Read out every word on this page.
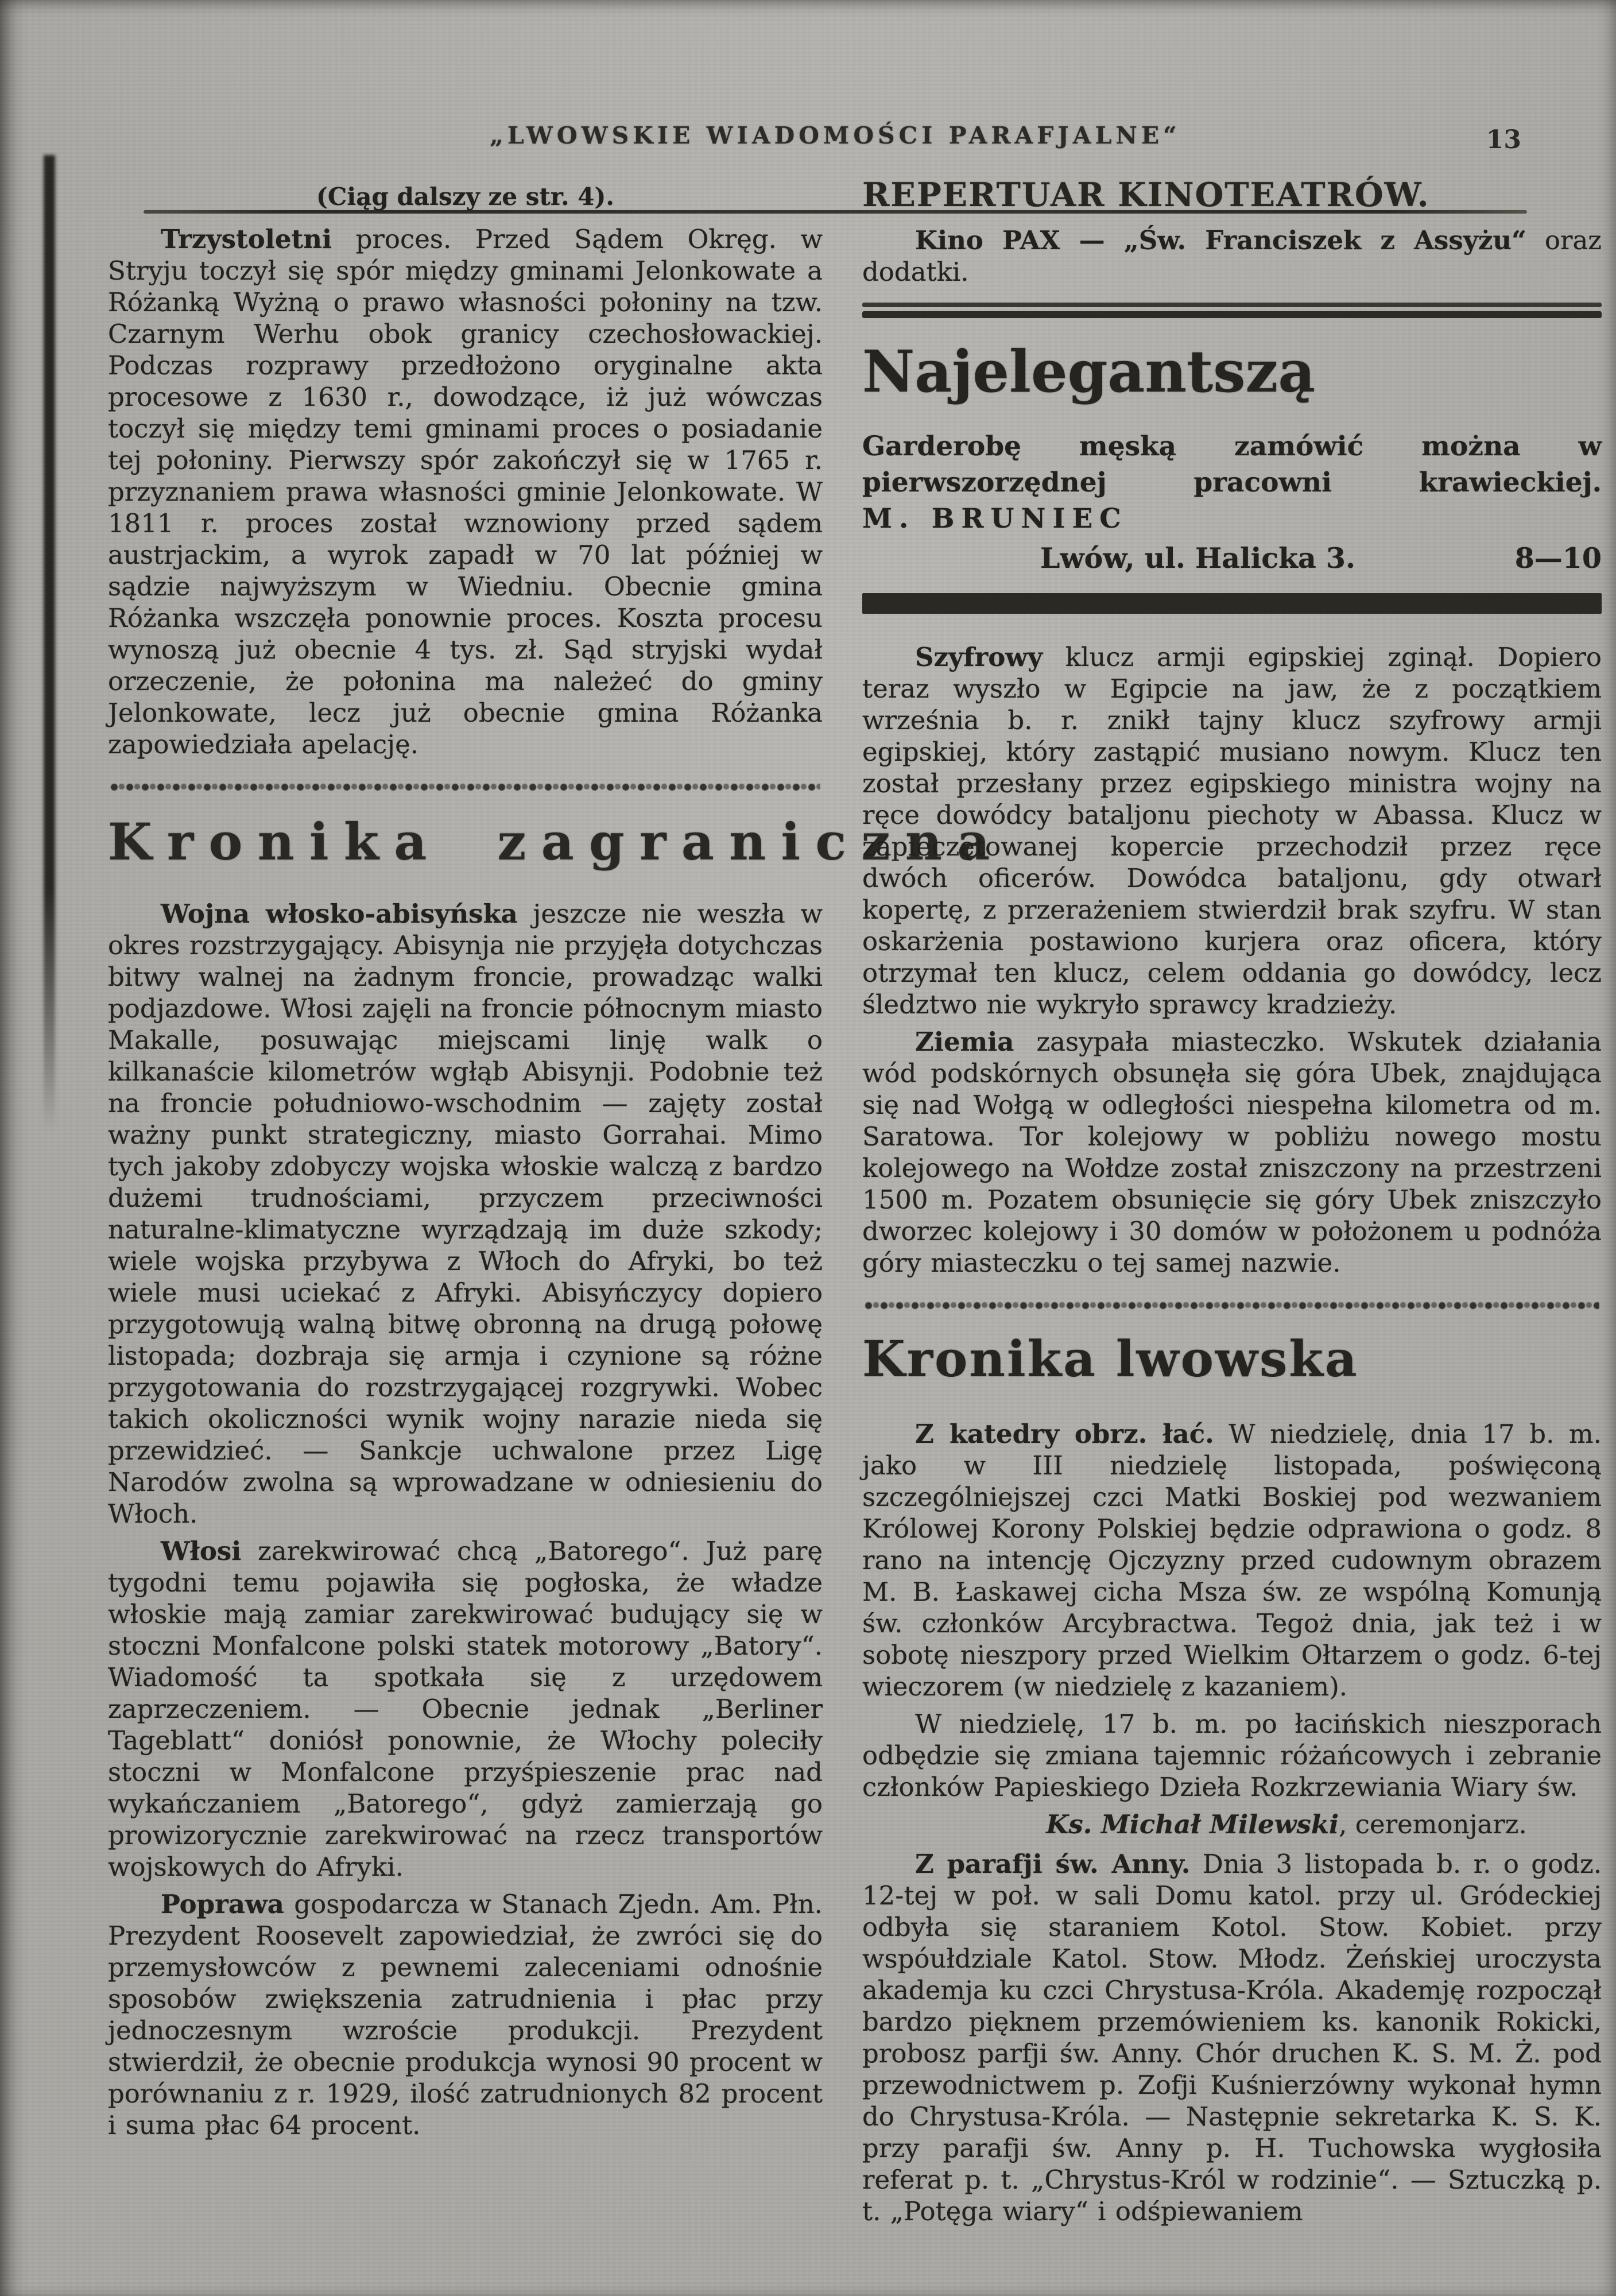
„LWOWSKIE WIADOMOŚCI PARAFJALNE“	13

(Ciąg dalszy ze str. 4).

Trzystoletni proces. Przed Sądem Okręg. w Stryju toczył się spór między gminami Jelonkowate a Różanką Wyżną o prawo własności połoniny na tzw. Czarnym Werhu obok granicy czechosłowackiej. Podczas rozprawy przedłożono oryginalne akta procesowe z 1630 r., dowodzące, iż już wówczas toczył się między temi gminami proces o posiadanie tej połoniny. Pierwszy spór zakończył się w 1765 r. przyznaniem prawa własności gminie Jelonkowate. W 1811 r. proces został wznowiony przed sądem austrjackim, a wyrok zapadł w 70 lat później w sądzie najwyższym w Wiedniu. Obecnie gmina Różanka wszczęła ponownie proces. Koszta procesu wynoszą już obecnie 4 tys. zł. Sąd stryjski wydał orzeczenie, że połonina ma należeć do gminy Jelonkowate, lecz już obecnie gmina Różanka zapowiedziała apelację.

Kronika zagraniczna

Wojna włosko-abisyńska jeszcze nie weszła w okres rozstrzygający. Abisynja nie przyjęła dotychczas bitwy walnej na żadnym froncie, prowadząc walki podjazdowe. Włosi zajęli na froncie północnym miasto Makalle, posuwając miejscami linję walk o kilkanaście kilometrów wgłąb Abisynji. Podobnie też na froncie południowo-wschodnim — zajęty został ważny punkt strategiczny, miasto Gorrahai. Mimo tych jakoby zdobyczy wojska włoskie walczą z bardzo dużemi trudnościami, przyczem przeciwności naturalne-klimatyczne wyrządzają im duże szkody; wiele wojska przybywa z Włoch do Afryki, bo też wiele musi uciekać z Afryki. Abisyńczycy dopiero przygotowują walną bitwę obronną na drugą połowę listopada; dozbraja się armja i czynione są różne przygotowania do rozstrzygającej rozgrywki. Wobec takich okoliczności wynik wojny narazie nieda się przewidzieć. — Sankcje uchwalone przez Ligę Narodów zwolna są wprowadzane w odniesieniu do Włoch.

Włosi zarekwirować chcą „Batorego“. Już parę tygodni temu pojawiła się pogłoska, że władze włoskie mają zamiar zarekwirować budujący się w stoczni Monfalcone polski statek motorowy „Batory“. Wiadomość ta spotkała się z urzędowem zaprzeczeniem. — Obecnie jednak „Berliner Tageblatt“ doniósł ponownie, że Włochy poleciły stoczni w Monfalcone przyśpieszenie prac nad wykańczaniem „Batorego“, gdyż zamierzają go prowizorycznie zarekwirować na rzecz transportów wojskowych do Afryki.

Poprawa gospodarcza w Stanach Zjedn. Am. Płn. Prezydent Roosevelt zapowiedział, że zwróci się do przemysłowców z pewnemi zaleceniami odnośnie sposobów zwiększenia zatrudnienia i płac przy jednoczesnym wzroście produkcji. Prezydent stwierdził, że obecnie produkcja wynosi 90 procent w porównaniu z r. 1929, ilość zatrudnionych 82 procent i suma płac 64 procent.

REPERTUAR KINOTEATRÓW.

Kino PAX — „Św. Franciszek z Assyżu“ oraz dodatki.

Najelegantszą

Garderobę męską zamówić można w pierwszorzędnej pracowni krawieckiej. M. BRUNIEC

Lwów, ul. Halicka 3.	8—10

Szyfrowy klucz armji egipskiej zginął. Dopiero teraz wyszło w Egipcie na jaw, że z początkiem września b. r. znikł tajny klucz szyfrowy armji egipskiej, który zastąpić musiano nowym. Klucz ten został przesłany przez egipskiego ministra wojny na ręce dowódcy bataljonu piechoty w Abassa. Klucz w zapieczętowanej kopercie przechodził przez ręce dwóch oficerów. Dowódca bataljonu, gdy otwarł kopertę, z przerażeniem stwierdził brak szyfru. W stan oskarżenia postawiono kurjera oraz oficera, który otrzymał ten klucz, celem oddania go dowódcy, lecz śledztwo nie wykryło sprawcy kradzieży.

Ziemia zasypała miasteczko. Wskutek działania wód podskórnych obsunęła się góra Ubek, znajdująca się nad Wołgą w odległości niespełna kilometra od m. Saratowa. Tor kolejowy w pobliżu nowego mostu kolejowego na Wołdze został zniszczony na przestrzeni 1500 m. Pozatem obsunięcie się góry Ubek zniszczyło dworzec kolejowy i 30 domów w położonem u podnóża góry miasteczku o tej samej nazwie.

Kronika lwowska

Z katedry obrz. łać. W niedzielę, dnia 17 b. m. jako w III niedzielę listopada, poświęconą szczególniejszej czci Matki Boskiej pod wezwaniem Królowej Korony Polskiej będzie odprawiona o godz. 8 rano na intencję Ojczyzny przed cudownym obrazem M. B. Łaskawej cicha Msza św. ze wspólną Komunją św. członków Arcybractwa. Tegoż dnia, jak też i w sobotę nieszpory przed Wielkim Ołtarzem o godz. 6-tej wieczorem (w niedzielę z kazaniem).

W niedzielę, 17 b. m. po łacińskich nieszporach odbędzie się zmiana tajemnic różańcowych i zebranie członków Papieskiego Dzieła Rozkrzewiania Wiary św.

Ks. Michał Milewski, ceremonjarz.

Z parafji św. Anny. Dnia 3 listopada b. r. o godz. 12-tej w poł. w sali Domu katol. przy ul. Gródeckiej odbyła się staraniem Kotol. Stow. Kobiet. przy wspóułdziale Katol. Stow. Młodz. Żeńskiej uroczysta akademja ku czci Chrystusa-Króla. Akademję rozpoczął bardzo pięknem przemówieniem ks. kanonik Rokicki, probosz parfji św. Anny. Chór druchen K. S. M. Ż. pod przewodnictwem p. Zofji Kuśnierzówny wykonał hymn do Chrystusa-Króla. — Następnie sekretarka K. S. K. przy parafji św. Anny p. H. Tuchowska wygłosiła referat p. t. „Chrystus-Król w rodzinie“. — Sztuczką p. t. „Potęga wiary“ i odśpiewaniem
